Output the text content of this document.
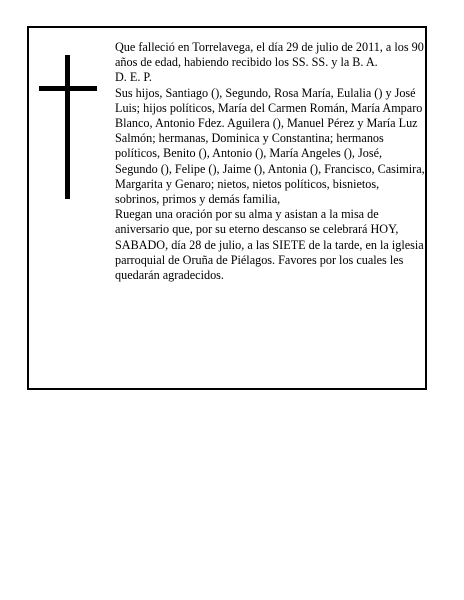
Que falleció en Torrelavega, el día 29 de julio de 2011, a los 90 años de edad, habiendo recibido los SS. SS. y la B. A.

D. E. P.

Sus hijos, Santiago (), Segundo, Rosa María, Eulalia () y José Luis; hijos políticos, María del Carmen Román, María Amparo Blanco, Antonio Fdez. Aguilera (), Manuel Pérez y María Luz Salmón; hermanas, Dominica y Constantina; hermanos políticos, Benito (), Antonio (), María Angeles (), José, Segundo (), Felipe (), Jaime (), Antonia (), Francisco, Casimira, Margarita y Genaro; nietos, nietos políticos, bisnietos, sobrinos, primos y demás familia,

Ruegan una oración por su alma y asistan a la misa de aniversario que, por su eterno descanso se celebrará HOY, SABADO, día 28 de julio, a las SIETE de la tarde, en la iglesia parroquial de Oruña de Piélagos. Favores por los cuales les quedarán agradecidos.
